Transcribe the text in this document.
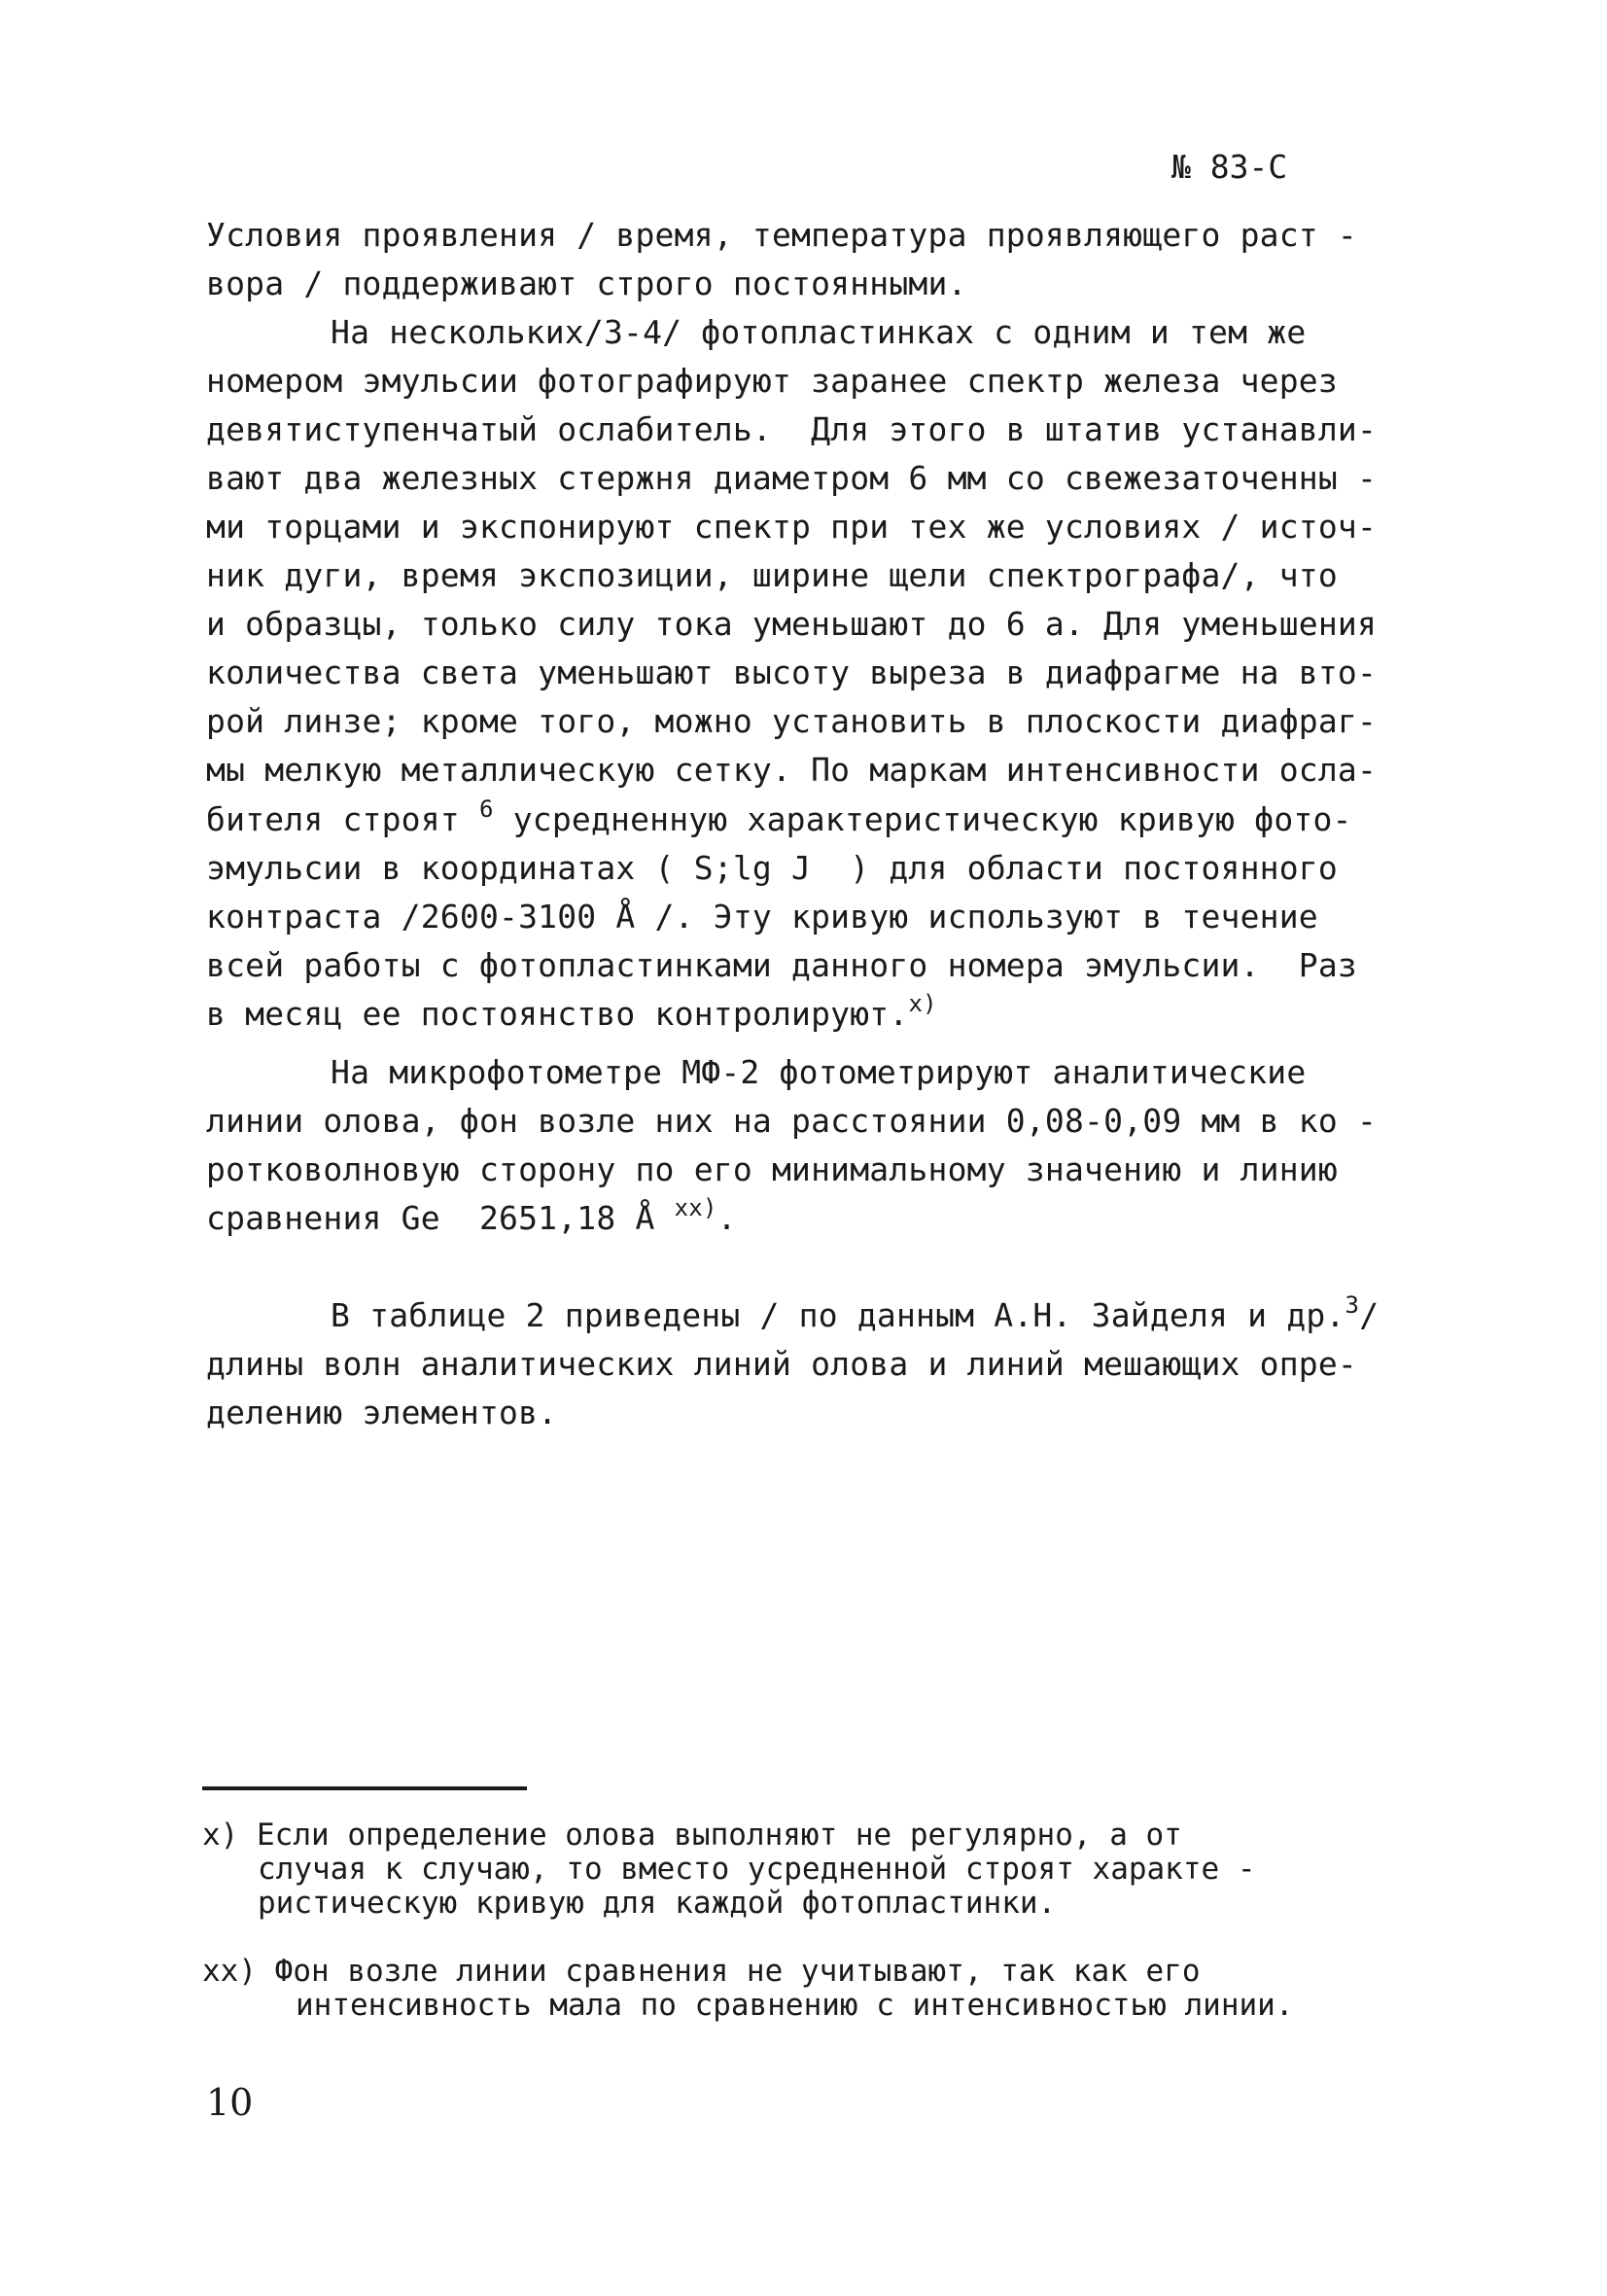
№ 83-С
Условия проявления / время, температура проявляющего раст -
вора / поддерживают строго постоянными.
На нескольких/3-4/ фотопластинках с одним и тем же
номером эмульсии фотографируют заранее спектр железа через
девятиступенчатый ослабитель.  Для этого в штатив устанавли-
вают два железных стержня диаметром 6 мм со свежезаточенны -
ми торцами и экспонируют спектр при тех же условиях / источ-
ник дуги, время экспозиции, ширине щели спектрографа/, что
и образцы, только силу тока уменьшают до 6 а. Для уменьшения
количества света уменьшают высоту выреза в диафрагме на вто-
рой линзе; кроме того, можно установить в плоскости диафраг-
мы мелкую металлическую сетку. По маркам интенсивности осла-
бителя строят $^6$ усредненную характеристическую кривую фото-
эмульсии в координатах ( S;lg J  ) для области постоянного
контраста /2600-3100 Å /. Эту кривую используют в течение
всей работы с фотопластинками данного номера эмульсии.  Раз
в месяц ее постоянство контролируют.$^{x)}$
На микрофотометре МФ-2 фотометрируют аналитические
линии олова, фон возле них на расстоянии 0,08-0,09 мм в ко -
ротковолновую сторону по его минимальному значению и линию
сравнения Ge  2651,18 Å $^{xx)}$.
В таблице 2 приведены / по данным А.Н. Зайделя и др.$^3$/
длины волн аналитических линий олова и линий мешающих опре-
делению элементов.
x) Если определение олова выполняют не регулярно, а от
случая к случаю, то вместо усредненной строят характе -
ристическую кривую для каждой фотопластинки.
xx) Фон возле линии сравнения не учитывают, так как его
интенсивность мала по сравнению с интенсивностью линии.
10
